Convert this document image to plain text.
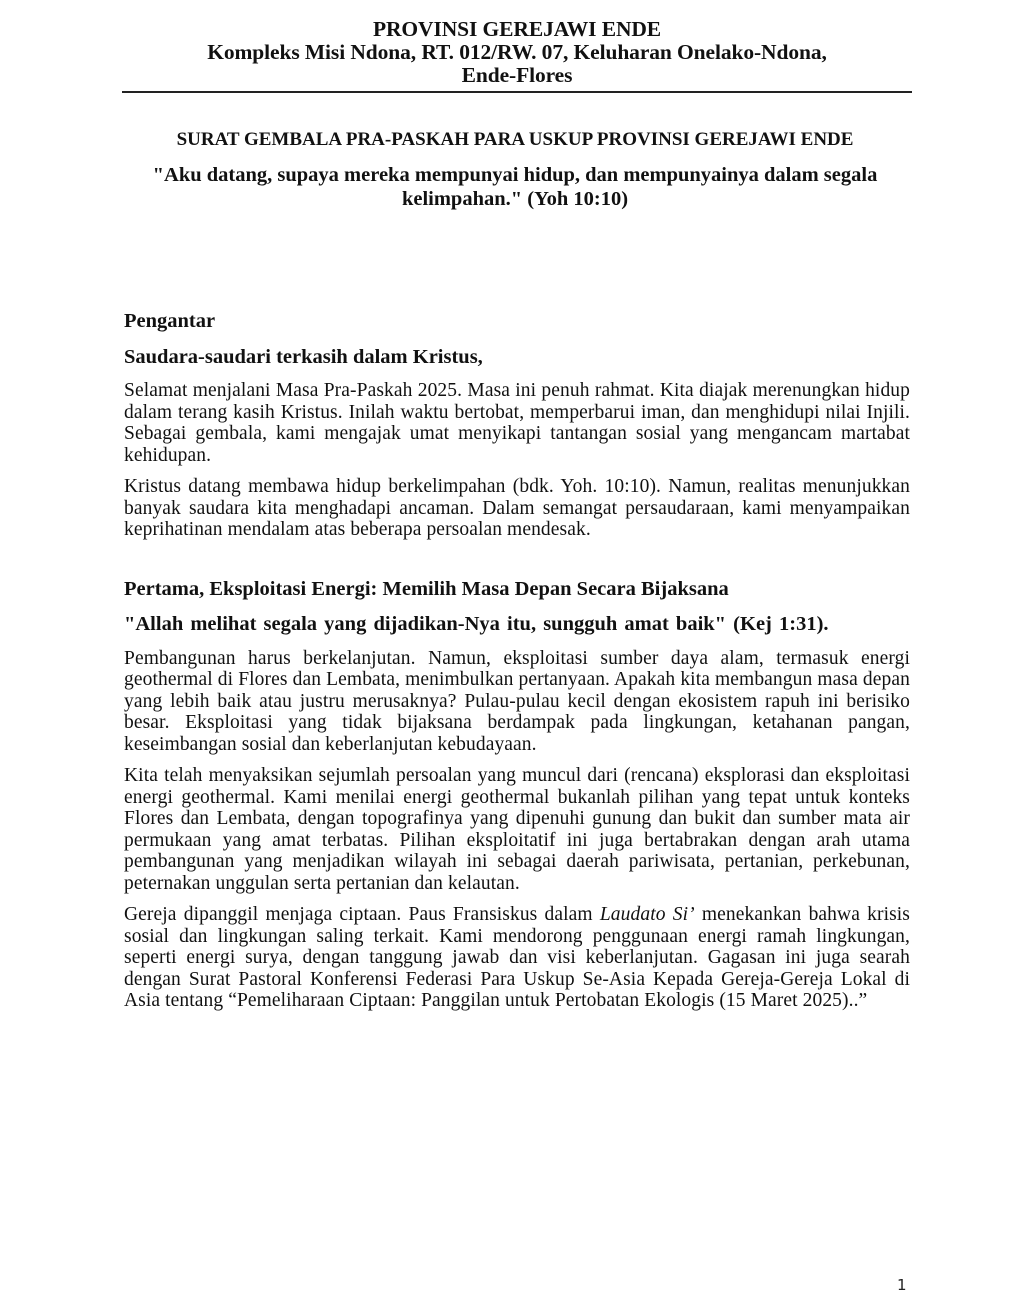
PROVINSI GEREJAWI ENDE
Kompleks Misi Ndona, RT. 012/RW. 07, Keluharan Onelako-Ndona,
Ende-Flores
SURAT GEMBALA PRA-PASKAH PARA USKUP PROVINSI GEREJAWI ENDE

"Aku datang, supaya mereka mempunyai hidup, dan mempunyainya dalam segala kelimpahan." (Yoh 10:10)

Pengantar

Saudara-saudari terkasih dalam Kristus,

Selamat menjalani Masa Pra-Paskah 2025. Masa ini penuh rahmat. Kita diajak merenungkan hidup dalam terang kasih Kristus. Inilah waktu bertobat, memperbarui iman, dan menghidupi nilai Injili. Sebagai gembala, kami mengajak umat menyikapi tantangan sosial yang mengancam martabat kehidupan.

Kristus datang membawa hidup berkelimpahan (bdk. Yoh. 10:10). Namun, realitas menunjukkan banyak saudara kita menghadapi ancaman. Dalam semangat persaudaraan, kami menyampaikan keprihatinan mendalam atas beberapa persoalan mendesak.

Pertama, Eksploitasi Energi: Memilih Masa Depan Secara Bijaksana

"Allah melihat segala yang dijadikan-Nya itu, sungguh amat baik" (Kej 1:31).

Pembangunan harus berkelanjutan. Namun, eksploitasi sumber daya alam, termasuk energi geothermal di Flores dan Lembata, menimbulkan pertanyaan. Apakah kita membangun masa depan yang lebih baik atau justru merusaknya? Pulau-pulau kecil dengan ekosistem rapuh ini berisiko besar. Eksploitasi yang tidak bijaksana berdampak pada lingkungan, ketahanan pangan, keseimbangan sosial dan keberlanjutan kebudayaan.

Kita telah menyaksikan sejumlah persoalan yang muncul dari (rencana) eksplorasi dan eksploitasi energi geothermal. Kami menilai energi geothermal bukanlah pilihan yang tepat untuk konteks Flores dan Lembata, dengan topografinya yang dipenuhi gunung dan bukit dan sumber mata air permukaan yang amat terbatas. Pilihan eksploitatif ini juga bertabrakan dengan arah utama pembangunan yang menjadikan wilayah ini sebagai daerah pariwisata, pertanian, perkebunan, peternakan unggulan serta pertanian dan kelautan.

Gereja dipanggil menjaga ciptaan. Paus Fransiskus dalam Laudato Si’ menekankan bahwa krisis sosial dan lingkungan saling terkait. Kami mendorong penggunaan energi ramah lingkungan, seperti energi surya, dengan tanggung jawab dan visi keberlanjutan. Gagasan ini juga searah dengan Surat Pastoral Konferensi Federasi Para Uskup Se-Asia Kepada Gereja-Gereja Lokal di Asia tentang “Pemeliharaan Ciptaan: Panggilan untuk Pertobatan Ekologis (15 Maret 2025)..”

1
